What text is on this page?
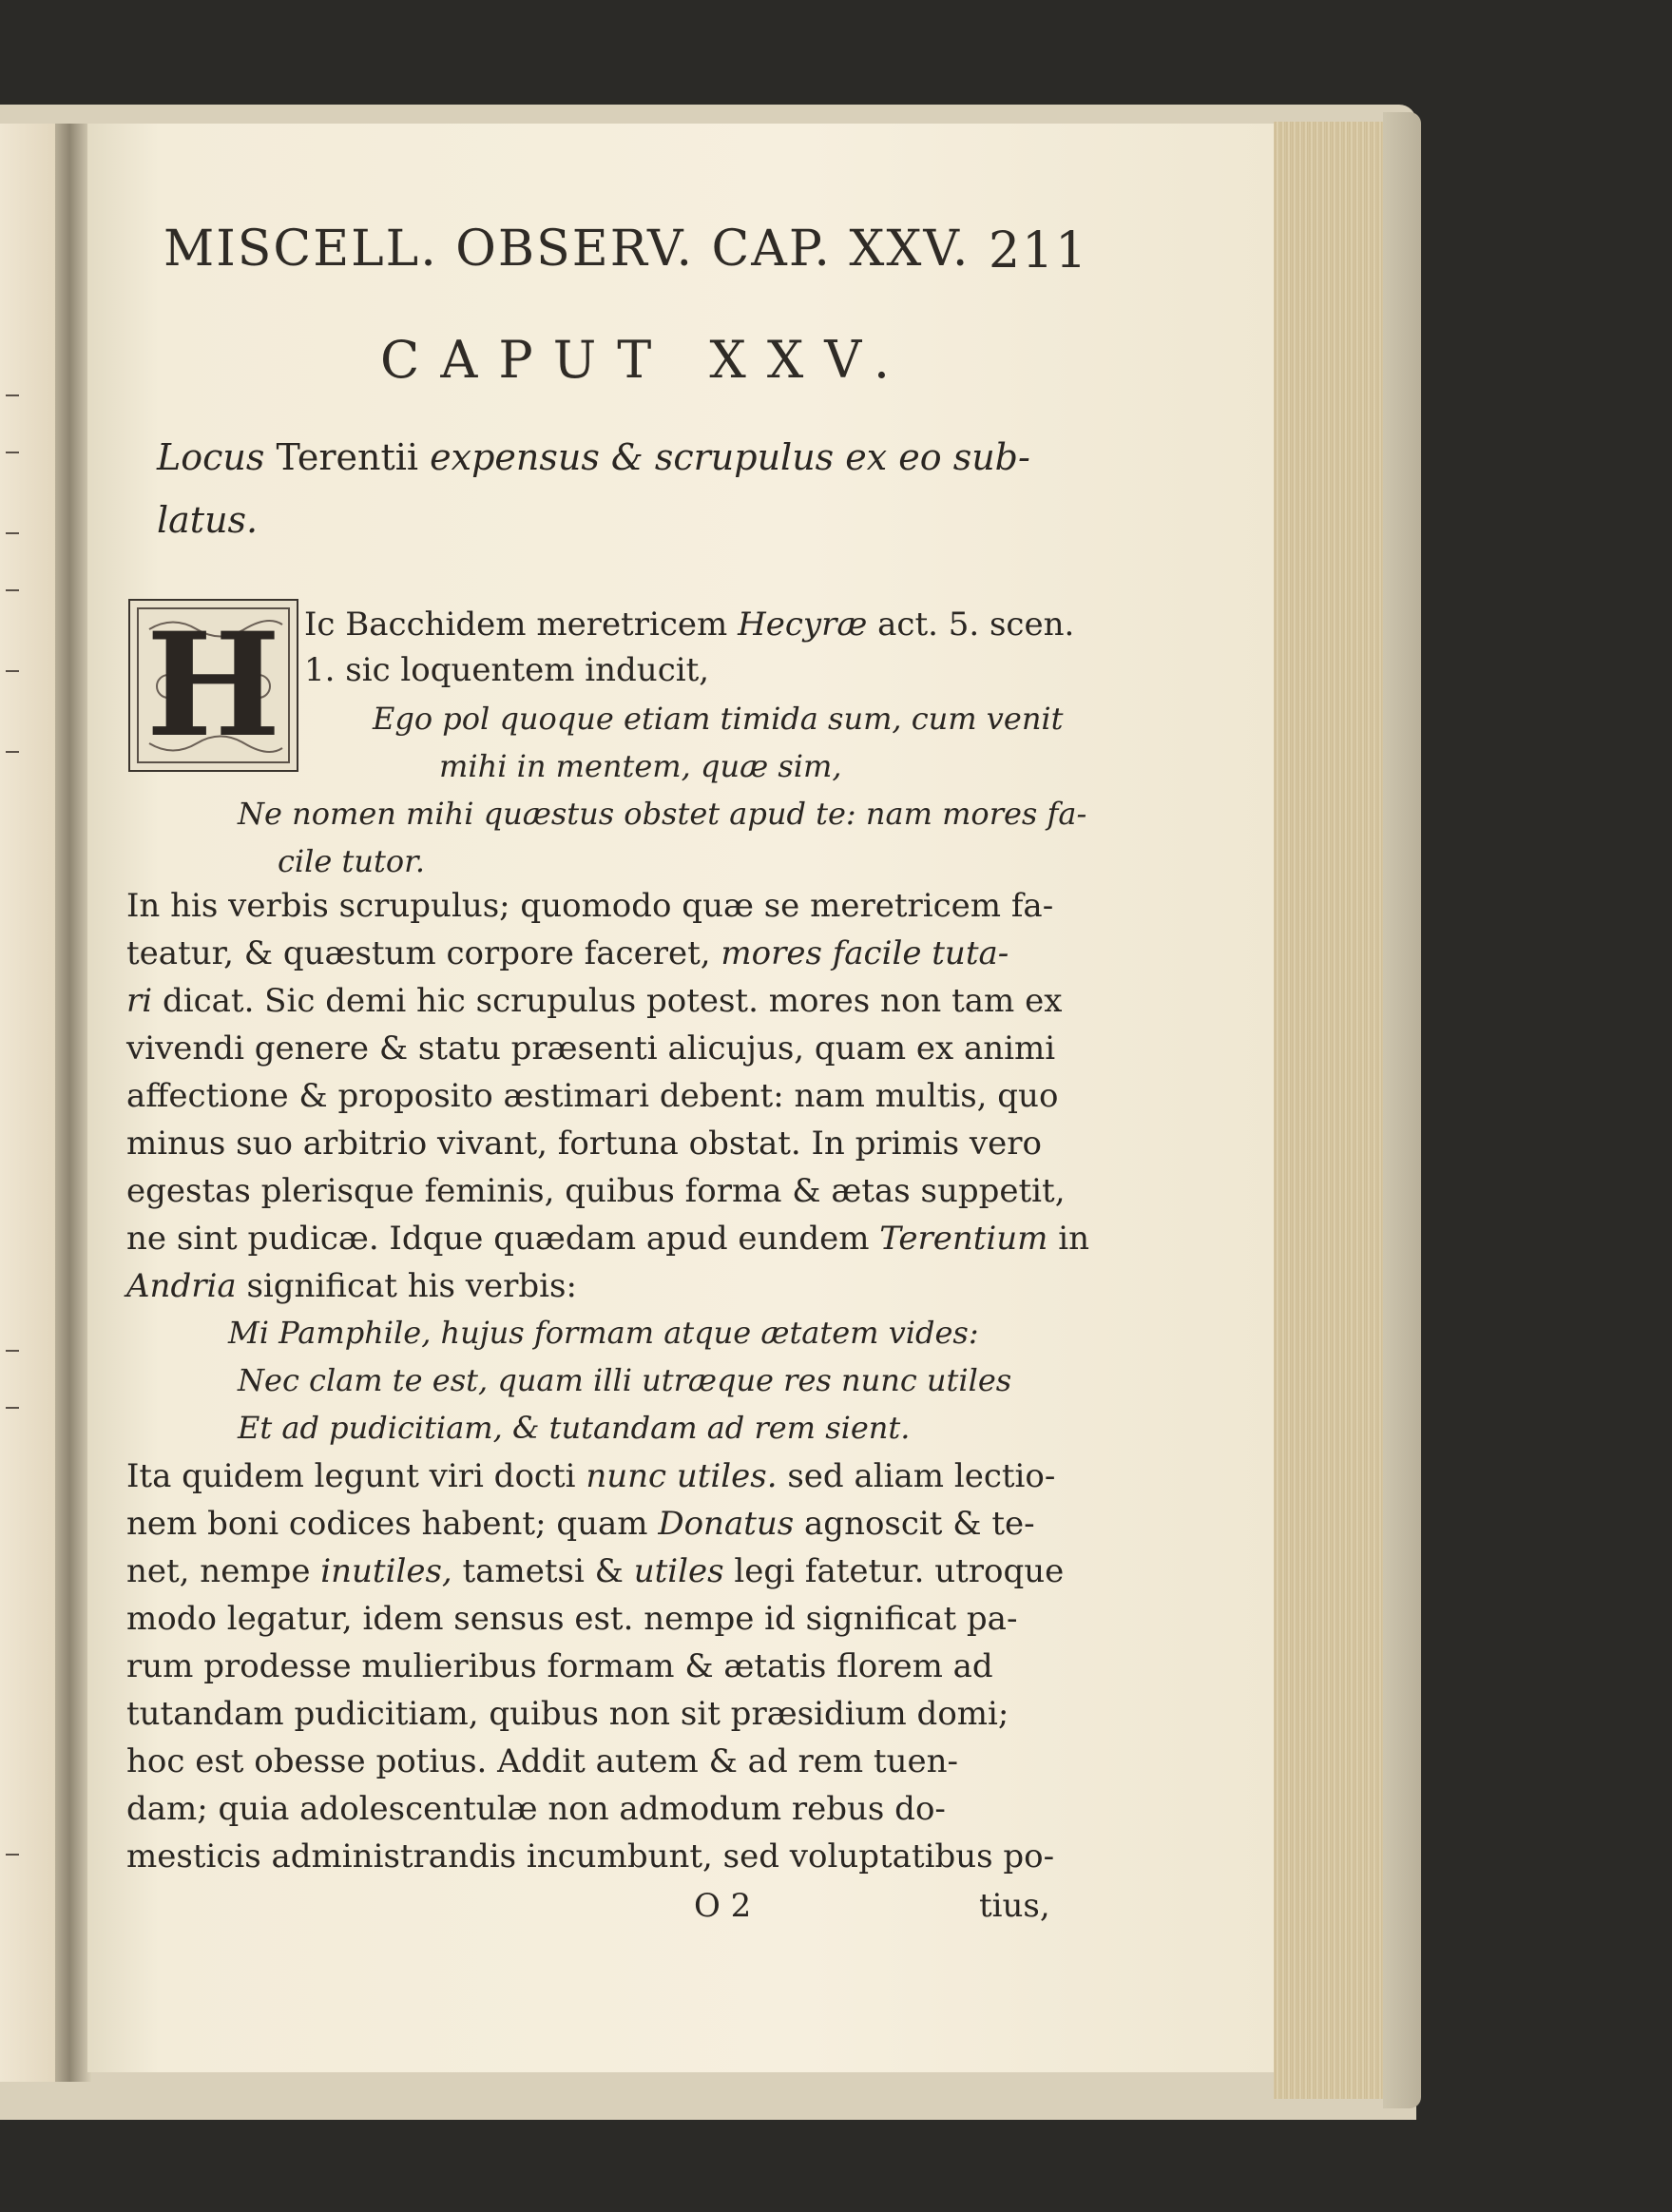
MISCELL. OBSERV. CAP. XXV. 211
CAPUT XXV.
Locus Terentii expensus & scrupulus ex eo sub-
latus.
H Ic Bacchidem meretricem Hecyræ act. 5. scen.
1. sic loquentem inducit,
Ego pol quoque etiam timida sum, cum venit
mihi in mentem, quæ sim,
Ne nomen mihi quæstus obstet apud te: nam mores fa-
cile tutor.
In his verbis scrupulus; quomodo quæ se meretricem fa-
teatur, & quæstum corpore faceret, mores facile tuta-
ri dicat. Sic demi hic scrupulus potest. mores non tam ex
vivendi genere & statu præsenti alicujus, quam ex animi
affectione & proposito æstimari debent: nam multis, quo
minus suo arbitrio vivant, fortuna obstat. In primis vero
egestas plerisque feminis, quibus forma & ætas suppetit,
ne sint pudicæ. Idque quædam apud eundem Terentium in
Andria significat his verbis:
Mi Pamphile, hujus formam atque ætatem vides:
Nec clam te est, quam illi utræque res nunc utiles
Et ad pudicitiam, & tutandam ad rem sient.
Ita quidem legunt viri docti nunc utiles. sed aliam lectio-
nem boni codices habent; quam Donatus agnoscit & te-
net, nempe inutiles, tametsi & utiles legi fatetur. utroque
modo legatur, idem sensus est. nempe id significat pa-
rum prodesse mulieribus formam & ætatis florem ad
tutandam pudicitiam, quibus non sit præsidium domi;
hoc est obesse potius. Addit autem & ad rem tuen-
dam; quia adolescentulæ non admodum rebus do-
mesticis administrandis incumbunt, sed voluptatibus po-
O 2	tius,
